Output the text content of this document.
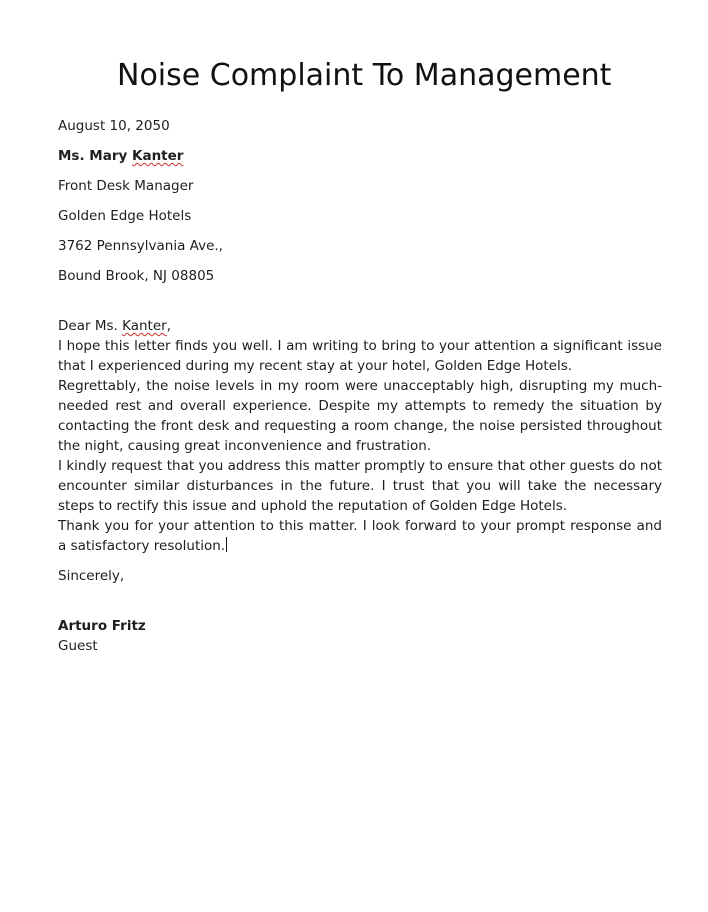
Noise Complaint To Management

August 10, 2050

Ms. Mary Kanter

Front Desk Manager

Golden Edge Hotels

3762 Pennsylvania Ave.,

Bound Brook, NJ 08805

Dear Ms. Kanter,

I hope this letter finds you well. I am writing to bring to your attention a significant issue that I experienced during my recent stay at your hotel, Golden Edge Hotels.

Regrettably, the noise levels in my room were unacceptably high, disrupting my much-needed rest and overall experience. Despite my attempts to remedy the situation by contacting the front desk and requesting a room change, the noise persisted throughout the night, causing great inconvenience and frustration.

I kindly request that you address this matter promptly to ensure that other guests do not encounter similar disturbances in the future. I trust that you will take the necessary steps to rectify this issue and uphold the reputation of Golden Edge Hotels.

Thank you for your attention to this matter. I look forward to your prompt response and a satisfactory resolution.

Sincerely,

Arturo Fritz

Guest
